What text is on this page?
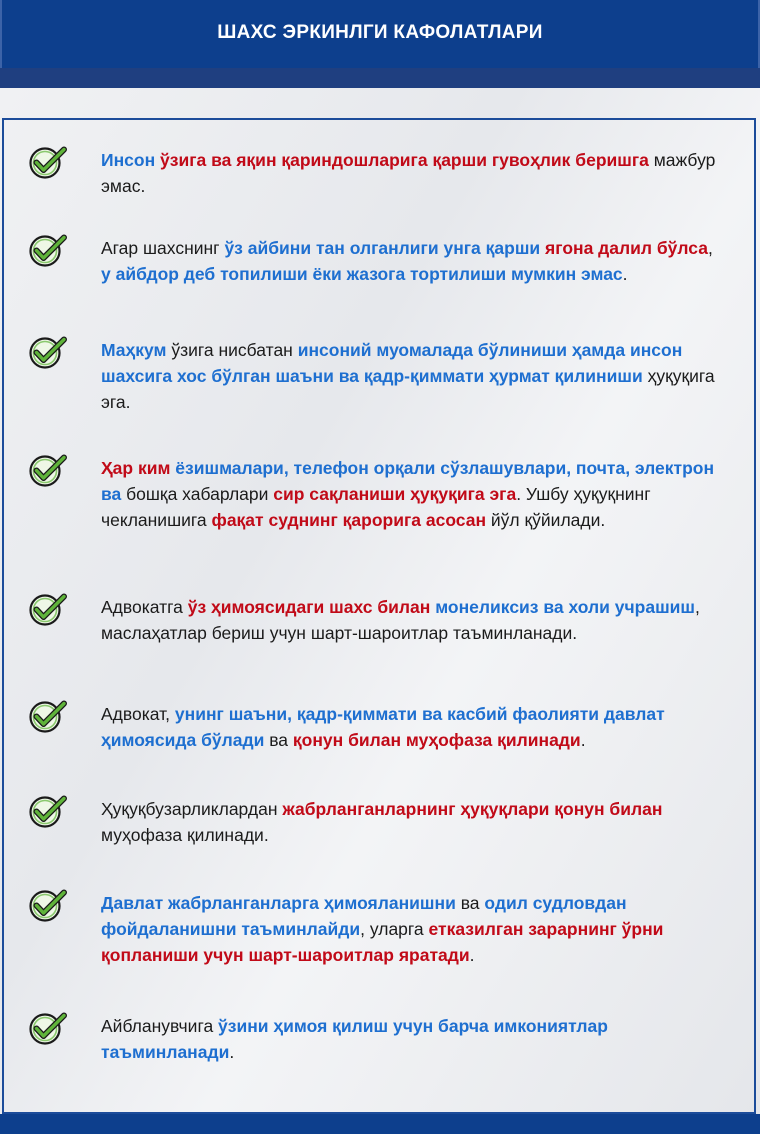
ШАХС ЭРКИНЛГИ КАФОЛАТЛАРИ
Инсон ўзига ва яқин қариндошларига қарши гувоҳлик беришга мажбур эмас.
Агар шахснинг ўз айбини тан олганлиги унга қарши ягона далил бўлса, у айбдор деб топилиши ёки жазога тортилиши мумкин эмас.
Маҳкум ўзига нисбатан инсоний муомалада бўлиниши ҳамда инсон шахсига хос бўлган шаъни ва қадр-қиммати ҳурмат қилиниши ҳуқуқига эга.
Ҳар ким ёзишмалари, телефон орқали сўзлашувлари, почта, электрон ва бошқа хабарлари сир сақланиши ҳуқуқига эга. Ушбу ҳуқуқнинг чекланишига фақат суднинг қарорига асосан йўл қўйилади.
Адвокатга ўз ҳимоясидаги шахс билан монеликсиз ва холи учрашиш, маслаҳатлар бериш учун шарт-шароитлар таъминланади.
Адвокат, унинг шаъни, қадр-қиммати ва касбий фаолияти давлат ҳимоясида бўлади ва қонун билан муҳофаза қилинади.
Ҳуқуқбузарликлардан жабрланганларнинг ҳуқуқлари қонун билан муҳофаза қилинади.
Давлат жабрланганларга ҳимояланишни ва одил судловдан фойдаланишни таъминлайди, уларга етказилган зарарнинг ўрни қопланиши учун шарт-шароитлар яратади.
Айбланувчига ўзини ҳимоя қилиш учун барча имкониятлар таъминланади.
